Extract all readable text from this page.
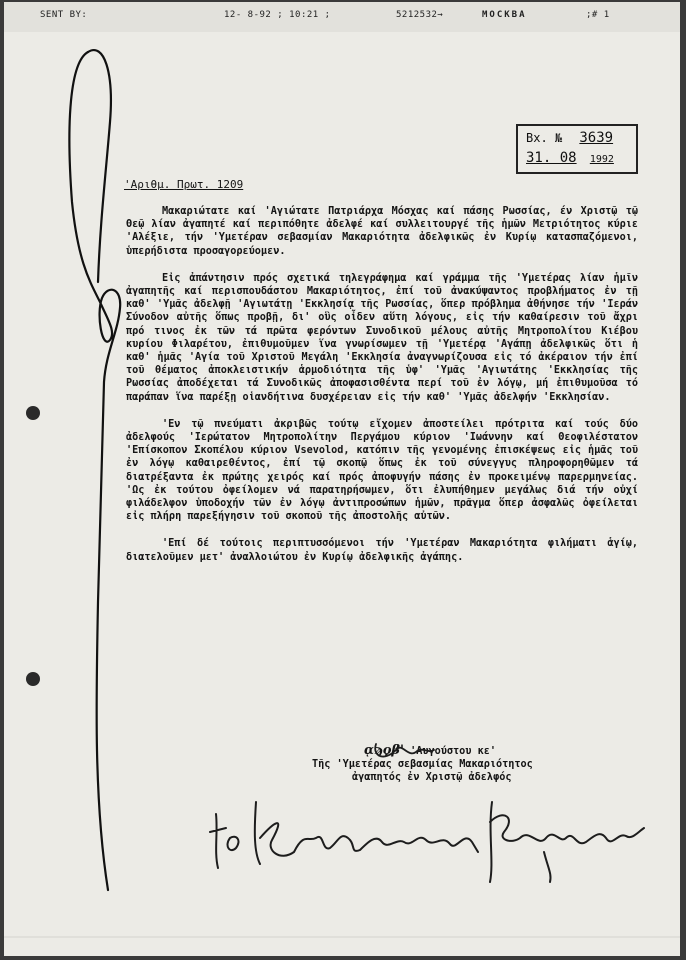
SENT BY:	12- 8-92 ; 10:21 ;	5212532→	МОСКВА	;# 1
Вх. № 3639
31. 08 1992
'Αριθμ. Πρωτ. 1209

Μακαριώτατε καί 'Αγιώτατε Πατριάρχα Μόσχας καί πάσης Ρωσσίας, έν Χριστῷ τῷ Θεῷ λίαν ἀγαπητέ καί περιπόθητε ἀδελφέ καί συλλειτουργέ τῆς ἡμῶν Μετριότητος κύριε 'Αλέξιε, τήν 'Υμετέραν σεβασμίαν Μακαριότητα ἀδελφικῶς ἐν Κυρίῳ κατασπαζόμενοι, ὑπερήδιστα προσαγορεύομεν.

Εἰς ἀπάντησιν πρός σχετικά τηλεγράφημα καί γράμμα τῆς 'Υμετέρας λίαν ἡμῖν ἀγαπητῆς καί περισπουδάστου Μακαριότητος, ἐπί τοῦ ἀνακύψαντος προβλήματος ἐν τῇ καθ' 'Υμᾶς ἀδελφῇ 'Αγιωτάτῃ 'Εκκλησίᾳ τῆς Ρωσσίας, ὅπερ πρόβλημα ἀθήνησε τήν 'Ιεράν Σύνοδον αὐτῆς ὅπως προβῇ, δι' οὓς οἶδεν αὕτη λόγους, εἰς τήν καθαίρεσιν τοῦ ἄχρι πρό τινος ἐκ τῶν τά πρῶτα φερόντων Συνοδικοῦ μέλους αὐτῆς Μητροπολίτου Κιέβου κυρίου Φιλαρέτου, ἐπιθυμοῦμεν ἵνα γνωρίσωμεν τῇ 'Υμετέρᾳ 'Αγάπῃ ἀδελφικῶς ὅτι ἡ καθ' ἡμᾶς 'Αγία τοῦ Χριστοῦ Μεγάλη 'Εκκλησία ἀναγνωρίζουσα εἰς τό ἀκέραιον τήν ἐπί τοῦ θέματος ἀποκλειστικήν ἁρμοδιότητα τῆς ὑφ' 'Υμᾶς 'Αγιωτάτης 'Εκκλησίας τῆς Ρωσσίας ἀποδέχεται τά Συνοδικῶς ἀποφασισθέντα περί τοῦ ἐν λόγῳ, μή ἐπιθυμοῦσα τό παράπαν ἵνα παρέξῃ οἱανδήτινα δυσχέρειαν εἰς τήν καθ' 'Υμᾶς ἀδελφήν 'Εκκλησίαν.

'Εν τῷ πνεύματι ἀκριβῶς τούτῳ εἴχομεν ἀποστείλει πρότριτα καί τούς δύο ἀδελφούς 'Ιερώτατον Μητροπολίτην Περγάμου κύριον 'Ιωάννην καί Θεοφιλέστατον 'Επίσκοπον Σκοπέλου κύριον Vsevolod, κατόπιν τῆς γενομένης ἐπισκέψεως εἰς ἡμᾶς τοῦ ἐν λόγῳ καθαιρεθέντος, ἐπί τῷ σκοπῷ ὅπως ἐκ τοῦ σύνεγγυς πληροφορηθῶμεν τά διατρέξαντα ἐκ πρώτης χειρός καί πρός ἀποφυγήν πάσης ἐν προκειμένῳ παρερμηνείας. 'Ως ἐκ τούτου ὀφείλομεν νά παρατηρήσωμεν, ὅτι ἐλυπήθημεν μεγάλως διά τήν οὐχί φιλάδελφον ὑποδοχήν τῶν ἐν λόγῳ ἀντιπροσώπων ἡμῶν, πρᾶγμα ὅπερ ἀσφαλῶς ὀφείλεται εἰς πλήρη παρεξήγησιν τοῦ σκοποῦ τῆς ἀποστολῆς αὐτῶν.

'Επί δέ τούτοις περιπτυσσόμενοι τήν 'Υμετέραν Μακαριότητα φιλήματι ἁγίῳ, διατελοῦμεν μετ' ἀναλλοιώτου ἐν Κυρίῳ ἀδελφικῆς ἀγάπης.

ᾳϡϙβ' 'Αυγούστου κε'
Τῆς 'Υμετέρας σεβασμίας Μακαριότητος
ἀγαπητός ἐν Χριστῷ ἀδελφός
